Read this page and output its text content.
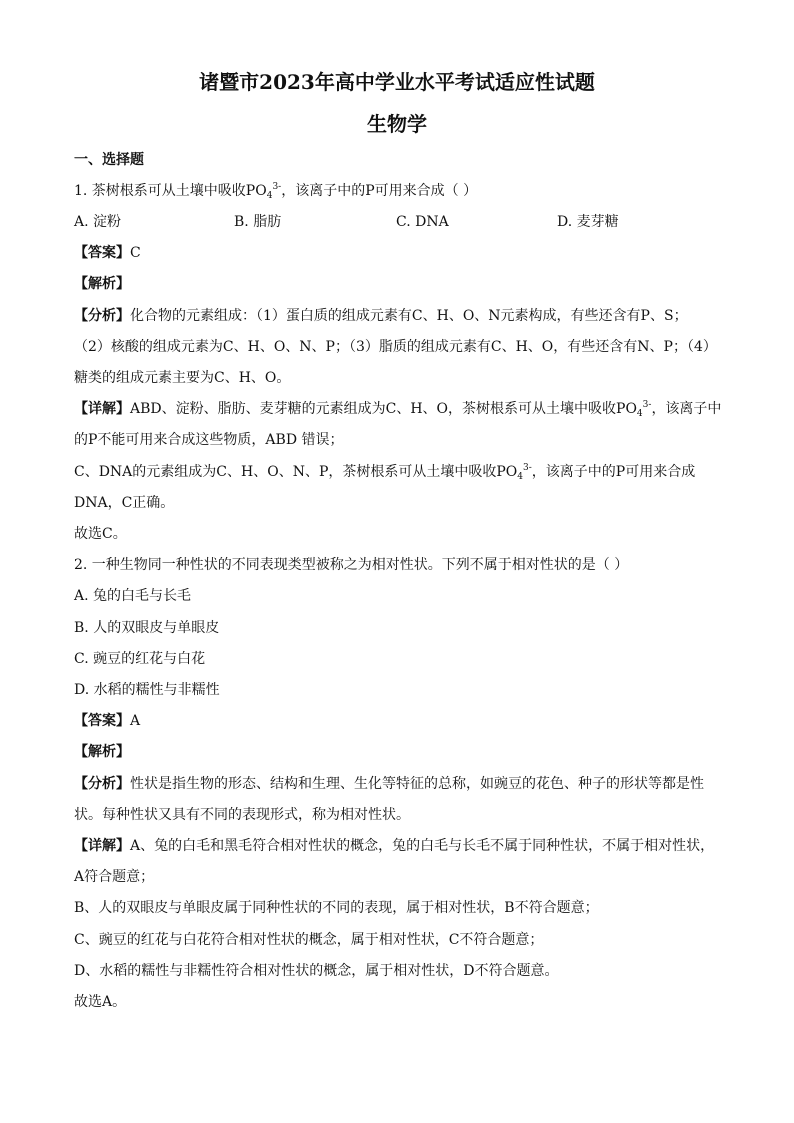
诸暨市2023年高中学业水平考试适应性试题
生物学
一、选择题
1. 茶树根系可从土壤中吸收$PO_4^{3-}$，该离子中的P可用来合成（ ）
A. 淀粉	B. 脂肪	C. DNA	D. 麦芽糖
【答案】C
【解析】
【分析】化合物的元素组成：（1）蛋白质的组成元素有C、H、O、N元素构成，有些还含有P、S；
（2）核酸的组成元素为C、H、O、N、P；（3）脂质的组成元素有C、H、O，有些还含有N、P；（4）
糖类的组成元素主要为C、H、O。
【详解】ABD、淀粉、脂肪、麦芽糖的元素组成为C、H、O，茶树根系可从土壤中吸收$PO_4^{3-}$，该离子中
的P不能可用来合成这些物质，ABD 错误；
C、DNA的元素组成为C、H、O、N、P，茶树根系可从土壤中吸收$PO_4^{3-}$，该离子中的P可用来合成
DNA，C正确。
故选C。
2. 一种生物同一种性状的不同表现类型被称之为相对性状。下列不属于相对性状的是（ ）
A. 兔的白毛与长毛
B. 人的双眼皮与单眼皮
C. 豌豆的红花与白花
D. 水稻的糯性与非糯性
【答案】A
【解析】
【分析】性状是指生物的形态、结构和生理、生化等特征的总称，如豌豆的花色、种子的形状等都是性
状。每种性状又具有不同的表现形式，称为相对性状。
【详解】A、兔的白毛和黑毛符合相对性状的概念，兔的白毛与长毛不属于同种性状，不属于相对性状，
A符合题意；
B、人的双眼皮与单眼皮属于同种性状的不同的表现，属于相对性状，B不符合题意；
C、豌豆的红花与白花符合相对性状的概念，属于相对性状，C不符合题意；
D、水稻的糯性与非糯性符合相对性状的概念，属于相对性状，D不符合题意。
故选A。
